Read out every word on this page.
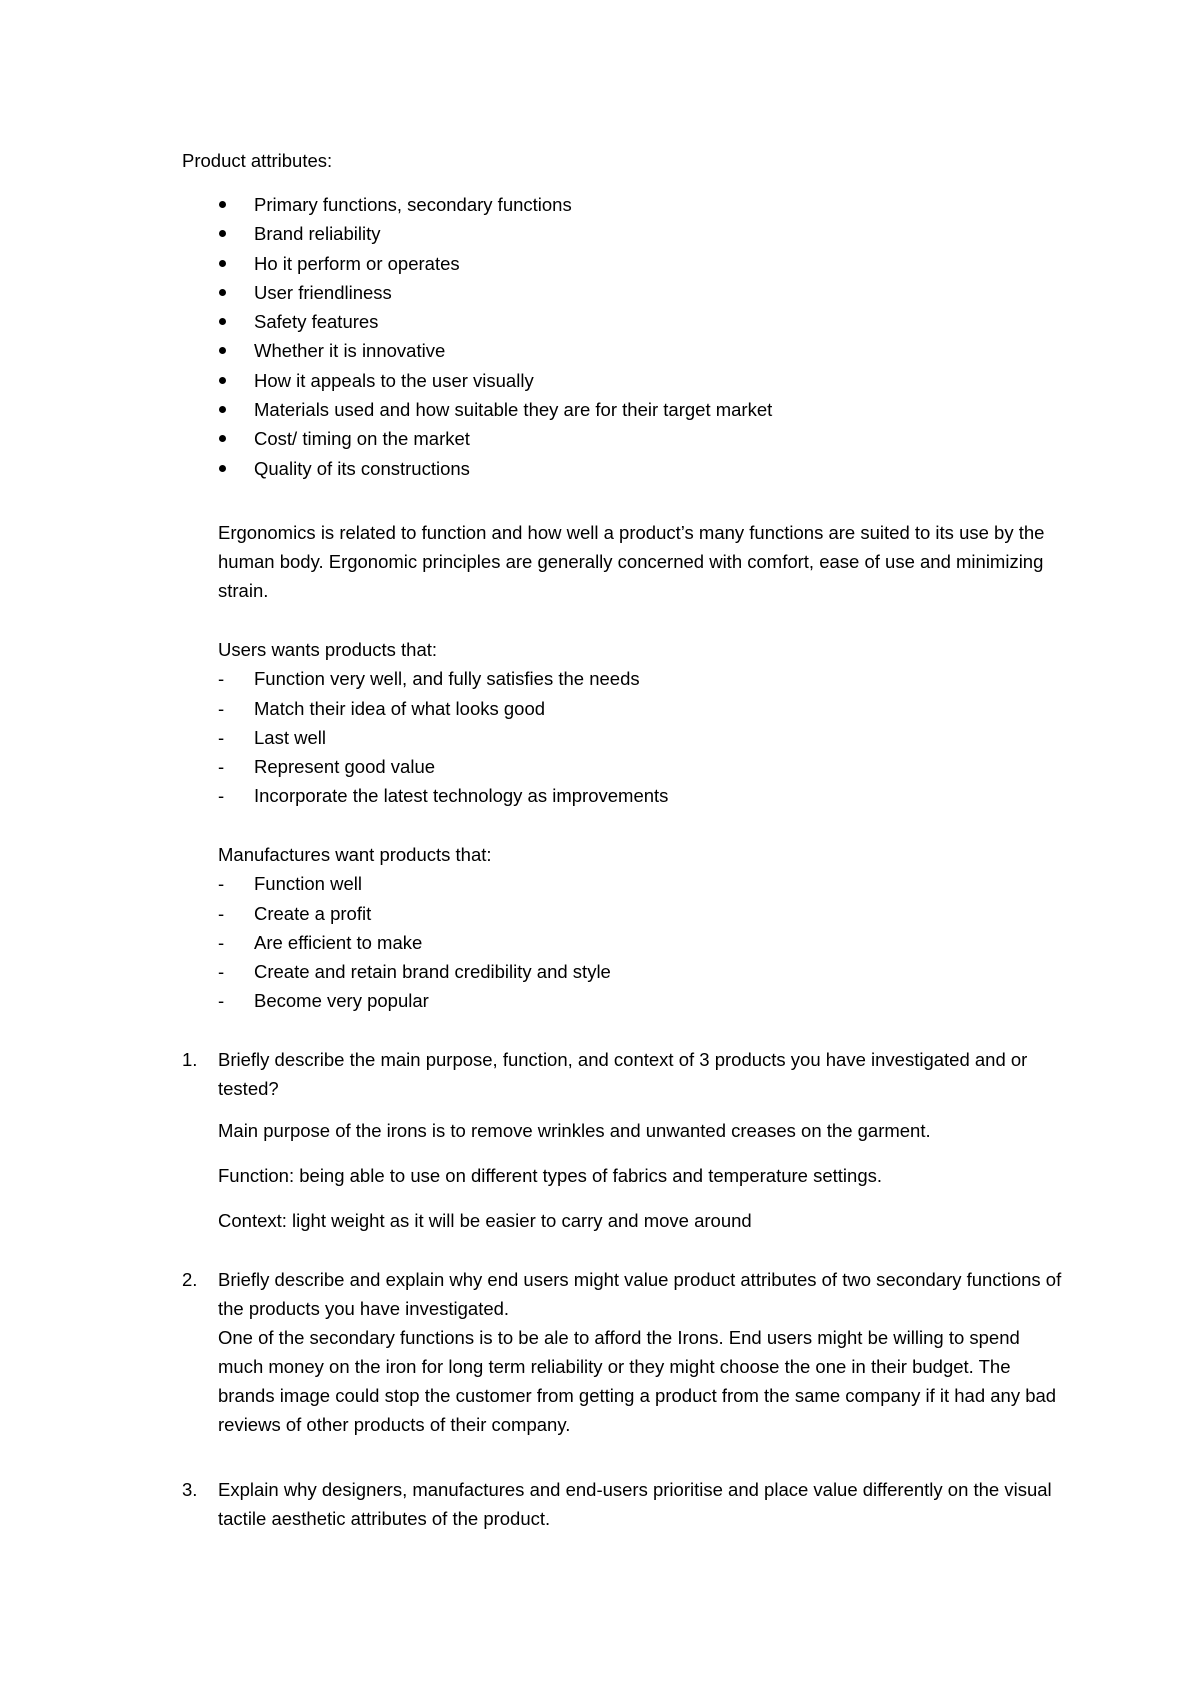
Product attributes:

Primary functions, secondary functions
Brand reliability
Ho it perform or operates
User friendliness
Safety features
Whether it is innovative
How it appeals to the user visually
Materials used and how suitable they are for their target market
Cost/ timing on the market
Quality of its constructions

Ergonomics is related to function and how well a product’s many functions are suited to its use by the human body. Ergonomic principles are generally concerned with comfort, ease of use and minimizing strain.

Users wants products that:

- Function very well, and fully satisfies the needs
- Match their idea of what looks good
- Last well
- Represent good value
- Incorporate the latest technology as improvements

Manufactures want products that:

- Function well
- Create a profit
- Are efficient to make
- Create and retain brand credibility and style
- Become very popular
1. Briefly describe the main purpose, function, and context of 3 products you have investigated and or tested?

Main purpose of the irons is to remove wrinkles and unwanted creases on the garment.

Function: being able to use on different types of fabrics and temperature settings.

Context: light weight as it will be easier to carry and move around

2. Briefly describe and explain why end users might value product attributes of two secondary functions of the products you have investigated.

One of the secondary functions is to be ale to afford the Irons. End users might be willing to spend much money on the iron for long term reliability or they might choose the one in their budget. The brands image could stop the customer from getting a product from the same company if it had any bad reviews of other products of their company.

3. Explain why designers, manufactures and end-users prioritise and place value differently on the visual tactile aesthetic attributes of the product.
